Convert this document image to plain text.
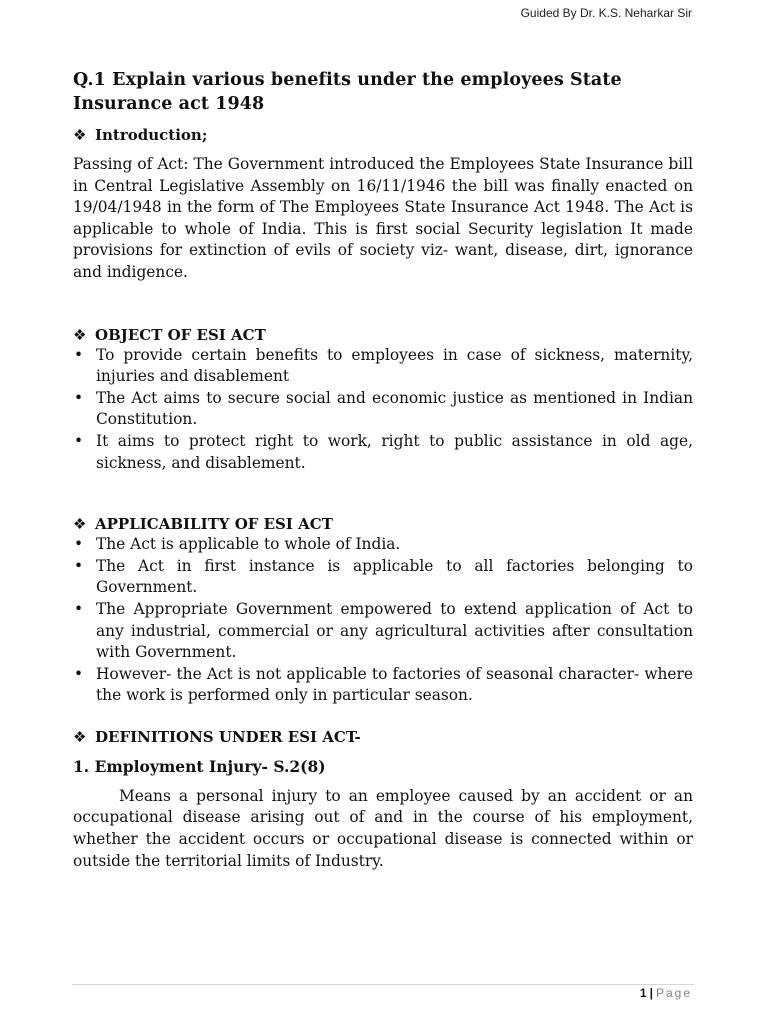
Guided By Dr. K.S. Neharkar Sir
Q.1 Explain various benefits under the employees State Insurance act 1948
❖ Introduction;

Passing of Act: The Government introduced the Employees State Insurance bill in Central Legislative Assembly on 16/11/1946 the bill was finally enacted on 19/04/1948 in the form of The Employees State Insurance Act 1948. The Act is applicable to whole of India. This is first social Security legislation It made provisions for extinction of evils of society viz- want, disease, dirt, ignorance and indigence.

❖ OBJECT OF ESI ACT
• To provide certain benefits to employees in case of sickness, maternity, injuries and disablement
• The Act aims to secure social and economic justice as mentioned in Indian Constitution.
• It aims to protect right to work, right to public assistance in old age, sickness, and disablement.
❖ APPLICABILITY OF ESI ACT
• The Act is applicable to whole of India.
• The Act in first instance is applicable to all factories belonging to Government.
• The Appropriate Government empowered to extend application of Act to any industrial, commercial or any agricultural activities after consultation with Government.
• However- the Act is not applicable to factories of seasonal character- where the work is performed only in particular season.
❖ DEFINITIONS UNDER ESI ACT-
1. Employment Injury- S.2(8)

Means a personal injury to an employee caused by an accident or an occupational disease arising out of and in the course of his employment, whether the accident occurs or occupational disease is connected within or outside the territorial limits of Industry.

1 | Page
